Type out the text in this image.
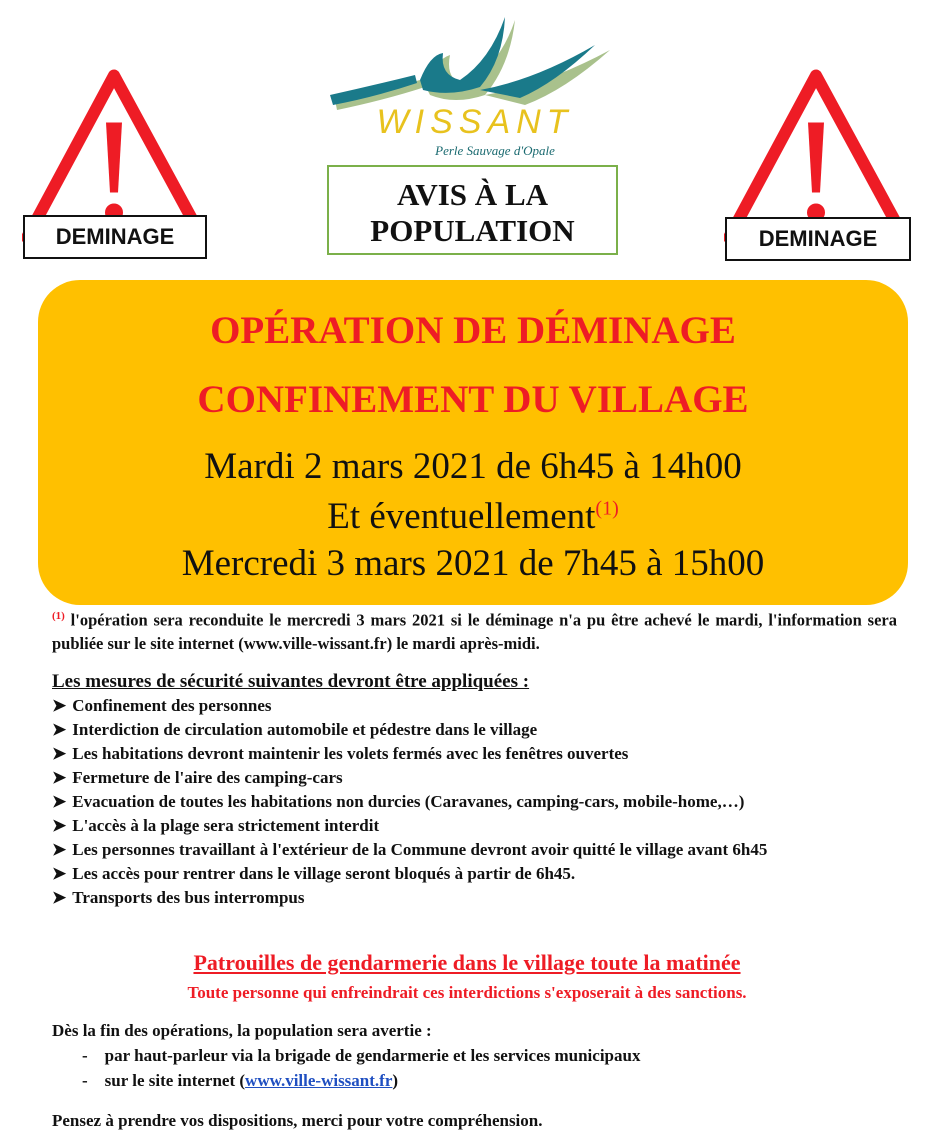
DEMINAGE	DEMINAGE
WISSANT
Perle Sauvage d'Opale
AVIS À LA
POPULATION
OPÉRATION DE DÉMINAGE
CONFINEMENT DU VILLAGE
Mardi 2 mars 2021 de 6h45 à 14h00
Et éventuellement$^{(1)}$
Mercredi 3 mars 2021 de 7h45 à 15h00
$^{(1)}$ l'opération sera reconduite le mercredi 3 mars 2021 si le déminage n'a pu être achevé le mardi, l'information sera publiée sur le site internet (www.ville-wissant.fr) le mardi après-midi.
Les mesures de sécurité suivantes devront être appliquées :
➤ Confinement des personnes
➤ Interdiction de circulation automobile et pédestre dans le village
➤ Les habitations devront maintenir les volets fermés avec les fenêtres ouvertes
➤ Fermeture de l'aire des camping-cars
➤ Evacuation de toutes les habitations non durcies (Caravanes, camping-cars, mobile-home,…)
➤ L'accès à la plage sera strictement interdit
➤ Les personnes travaillant à l'extérieur de la Commune devront avoir quitté le village avant 6h45
➤ Les accès pour rentrer dans le village seront bloqués à partir de 6h45.
➤ Transports des bus interrompus
Patrouilles de gendarmerie dans le village toute la matinée
Toute personne qui enfreindrait ces interdictions s'exposerait à des sanctions.
Dès la fin des opérations, la population sera avertie :
-    par haut-parleur via la brigade de gendarmerie et les services municipaux
-    sur le site internet (www.ville-wissant.fr)
Pensez à prendre vos dispositions, merci pour votre compréhension.
